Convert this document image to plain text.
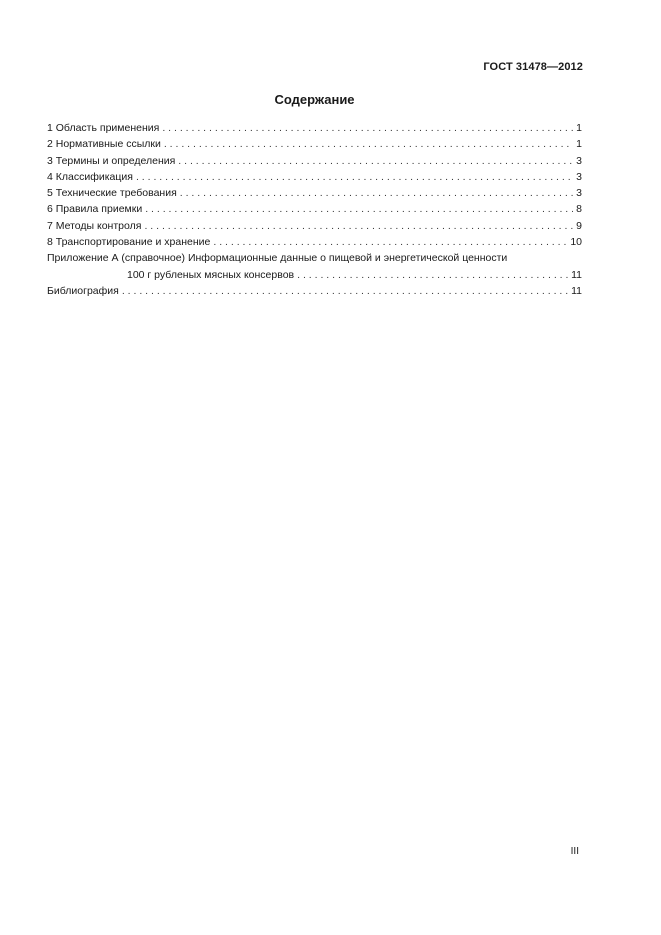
ГОСТ 31478—2012
Содержание
1 Область применения . . .	1
2 Нормативные ссылки . . .	1
3 Термины и определения . . .	3
4 Классификация . . .	3
5 Технические требования . . .	3
6 Правила приемки . . .	8
7 Методы контроля . . .	9
8 Транспортирование и хранение . . .	10
Приложение А (справочное) Информационные данные о пищевой и энергетической ценности
100 г рубленых мясных консервов . . .	11
Библиография . . .	11
III
